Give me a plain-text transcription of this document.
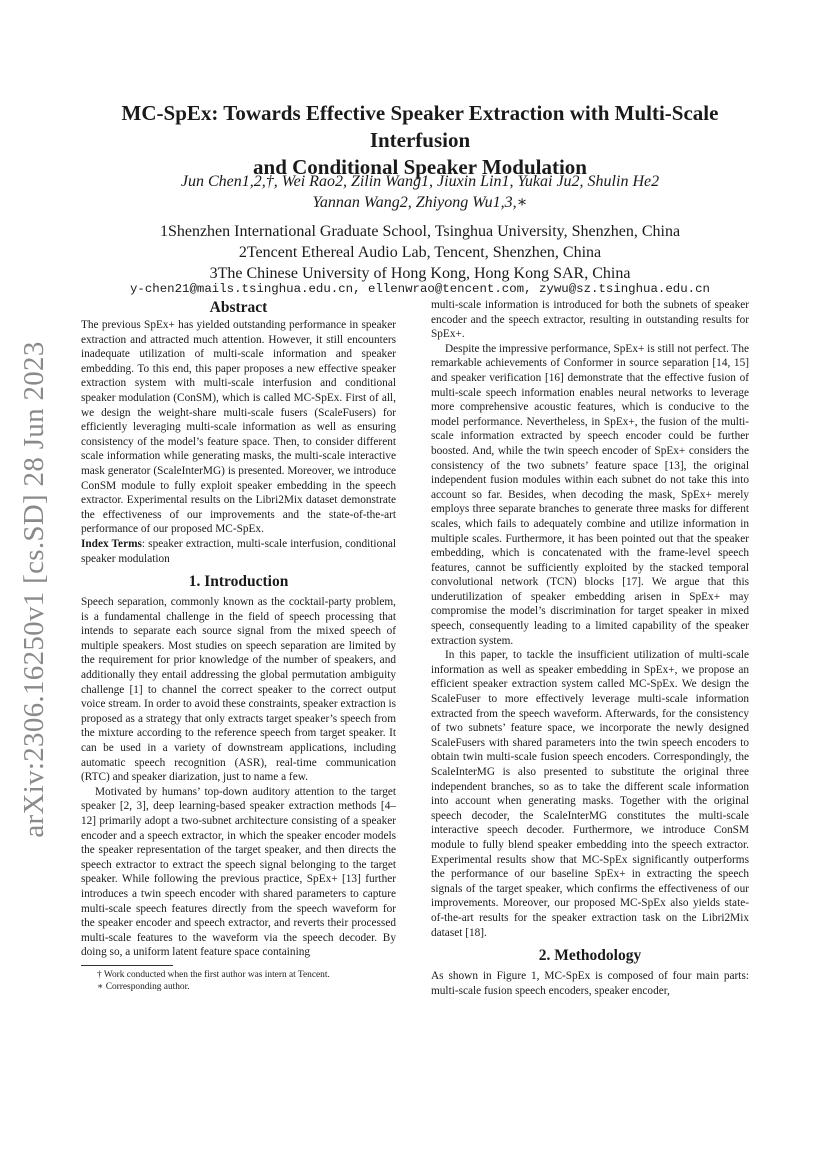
arXiv:2306.16250v1 [cs.SD] 28 Jun 2023
MC-SpEx: Towards Effective Speaker Extraction with Multi-Scale Interfusion
and Conditional Speaker Modulation
Jun Chen1,2,†, Wei Rao2, Zilin Wang1, Jiuxin Lin1, Yukai Ju2, Shulin He2
Yannan Wang2, Zhiyong Wu1,3,∗
1Shenzhen International Graduate School, Tsinghua University, Shenzhen, China
2Tencent Ethereal Audio Lab, Tencent, Shenzhen, China
3The Chinese University of Hong Kong, Hong Kong SAR, China
y-chen21@mails.tsinghua.edu.cn, ellenwrao@tencent.com, zywu@sz.tsinghua.edu.cn
Abstract

The previous SpEx+ has yielded outstanding performance in speaker extraction and attracted much attention. However, it still encounters inadequate utilization of multi-scale information and speaker embedding. To this end, this paper proposes a new effective speaker extraction system with multi-scale interfusion and conditional speaker modulation (ConSM), which is called MC-SpEx. First of all, we design the weight-share multi-scale fusers (ScaleFusers) for efficiently leveraging multi-scale information as well as ensuring consistency of the model’s feature space. Then, to consider different scale information while generating masks, the multi-scale interactive mask generator (ScaleInterMG) is presented. Moreover, we introduce ConSM module to fully exploit speaker embedding in the speech extractor. Experimental results on the Libri2Mix dataset demonstrate the effectiveness of our improvements and the state-of-the-art performance of our proposed MC-SpEx.

Index Terms: speaker extraction, multi-scale interfusion, conditional speaker modulation

1. Introduction

Speech separation, commonly known as the cocktail-party problem, is a fundamental challenge in the field of speech processing that intends to separate each source signal from the mixed speech of multiple speakers. Most studies on speech separation are limited by the requirement for prior knowledge of the number of speakers, and additionally they entail addressing the global permutation ambiguity challenge [1] to channel the correct speaker to the correct output voice stream. In order to avoid these constraints, speaker extraction is proposed as a strategy that only extracts target speaker’s speech from the mixture according to the reference speech from target speaker. It can be used in a variety of downstream applications, including automatic speech recognition (ASR), real-time communication (RTC) and speaker diarization, just to name a few.

Motivated by humans’ top-down auditory attention to the target speaker [2, 3], deep learning-based speaker extraction methods [4–12] primarily adopt a two-subnet architecture consisting of a speaker encoder and a speech extractor, in which the speaker encoder models the speaker representation of the target speaker, and then directs the speech extractor to extract the speech signal belonging to the target speaker. While following the previous practice, SpEx+ [13] further introduces a twin speech encoder with shared parameters to capture multi-scale speech features directly from the speech waveform for the speaker encoder and speech extractor, and reverts their processed multi-scale features to the waveform via the speech decoder. By doing so, a uniform latent feature space containing

† Work conducted when the first author was intern at Tencent.
∗ Corresponding author.

multi-scale information is introduced for both the subnets of speaker encoder and the speech extractor, resulting in outstanding results for SpEx+.

Despite the impressive performance, SpEx+ is still not perfect. The remarkable achievements of Conformer in source separation [14, 15] and speaker verification [16] demonstrate that the effective fusion of multi-scale speech information enables neural networks to leverage more comprehensive acoustic features, which is conducive to the model performance. Nevertheless, in SpEx+, the fusion of the multi-scale information extracted by speech encoder could be further boosted. And, while the twin speech encoder of SpEx+ considers the consistency of the two subnets’ feature space [13], the original independent fusion modules within each subnet do not take this into account so far. Besides, when decoding the mask, SpEx+ merely employs three separate branches to generate three masks for different scales, which fails to adequately combine and utilize information in multiple scales. Furthermore, it has been pointed out that the speaker embedding, which is concatenated with the frame-level speech features, cannot be sufficiently exploited by the stacked temporal convolutional network (TCN) blocks [17]. We argue that this underutilization of speaker embedding arisen in SpEx+ may compromise the model’s discrimination for target speaker in mixed speech, consequently leading to a limited capability of the speaker extraction system.

In this paper, to tackle the insufficient utilization of multi-scale information as well as speaker embedding in SpEx+, we propose an efficient speaker extraction system called MC-SpEx. We design the ScaleFuser to more effectively leverage multi-scale information extracted from the speech waveform. Afterwards, for the consistency of two subnets’ feature space, we incorporate the newly designed ScaleFusers with shared parameters into the twin speech encoders to obtain twin multi-scale fusion speech encoders. Correspondingly, the ScaleInterMG is also presented to substitute the original three independent branches, so as to take the different scale information into account when generating masks. Together with the original speech decoder, the ScaleInterMG constitutes the multi-scale interactive speech decoder. Furthermore, we introduce ConSM module to fully blend speaker embedding into the speech extractor. Experimental results show that MC-SpEx significantly outperforms the performance of our baseline SpEx+ in extracting the speech signals of the target speaker, which confirms the effectiveness of our improvements. Moreover, our proposed MC-SpEx also yields state-of-the-art results for the speaker extraction task on the Libri2Mix dataset [18].

2. Methodology

As shown in Figure 1, MC-SpEx is composed of four main parts: multi-scale fusion speech encoders, speaker encoder,
